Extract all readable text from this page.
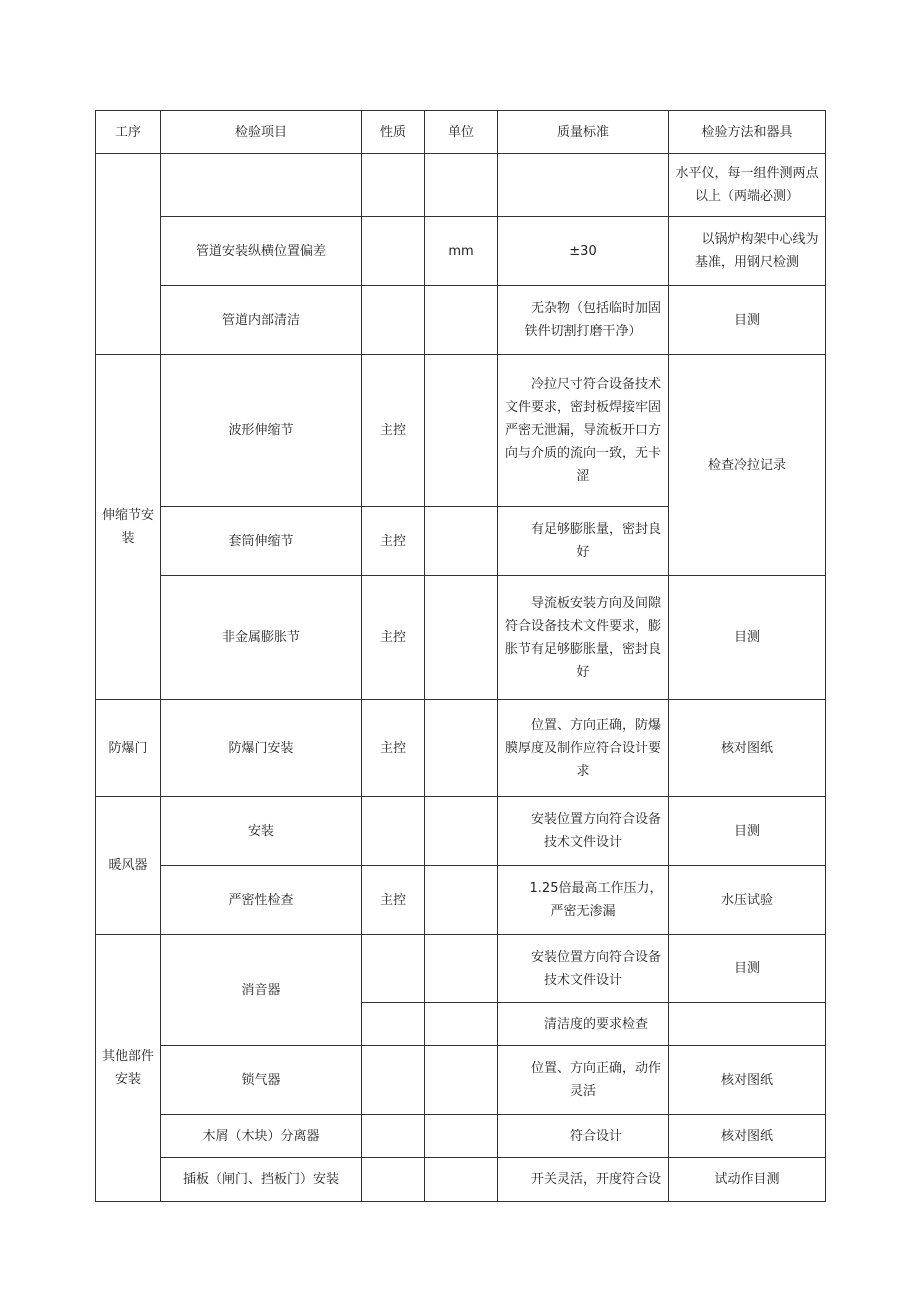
工序	检验项目	性质	单位	质量标准	检验方法和器具
					水平仪，每一组件测两点以上（两端必测）
	管道安装纵横位置偏差		mm	±30	以锅炉构架中心线为基准，用钢尺检测
	管道内部清洁			无杂物（包括临时加固铁件切割打磨干净）	目测
伸缩节安装	波形伸缩节	主控		冷拉尺寸符合设备技术文件要求，密封板焊接牢固严密无泄漏，导流板开口方向与介质的流向一致，无卡涩	检查冷拉记录
	套筒伸缩节	主控		有足够膨胀量，密封良好	
	非金属膨胀节	主控		导流板安装方向及间隙符合设备技术文件要求，膨胀节有足够膨胀量，密封良好	目测
防爆门	防爆门安装	主控		位置、方向正确，防爆膜厚度及制作应符合设计要求	核对图纸
暖风器	安装			安装位置方向符合设备技术文件设计	目测
	严密性检查	主控		1.25倍最高工作压力，严密无渗漏	水压试验
其他部件安装	消音器			安装位置方向符合设备技术文件设计	目测
				清洁度的要求检查	
	锁气器			位置、方向正确，动作灵活	核对图纸
	木屑（木块）分离器			符合设计	核对图纸
	插板（闸门、挡板门）安装			开关灵活，开度符合设	试动作目测
